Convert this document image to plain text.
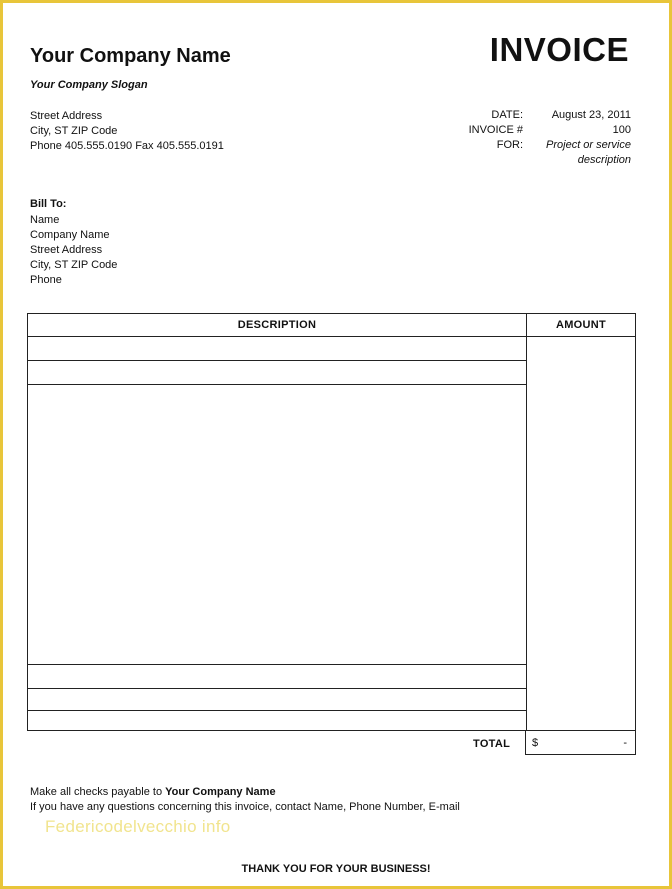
Your Company Name
Your Company Slogan
Street Address
City, ST ZIP Code
Phone 405.555.0190 Fax 405.555.0191
INVOICE
DATE:	August 23, 2011
INVOICE #	100
FOR:	Project or service
description
Bill To:
Name
Company Name
Street Address
City, ST ZIP Code
Phone
DESCRIPTION	AMOUNT
TOTAL $	-
Make all checks payable to Your Company Name
If you have any questions concerning this invoice, contact Name, Phone Number, E-mail
Federicodelvecchio info
THANK YOU FOR YOUR BUSINESS!
